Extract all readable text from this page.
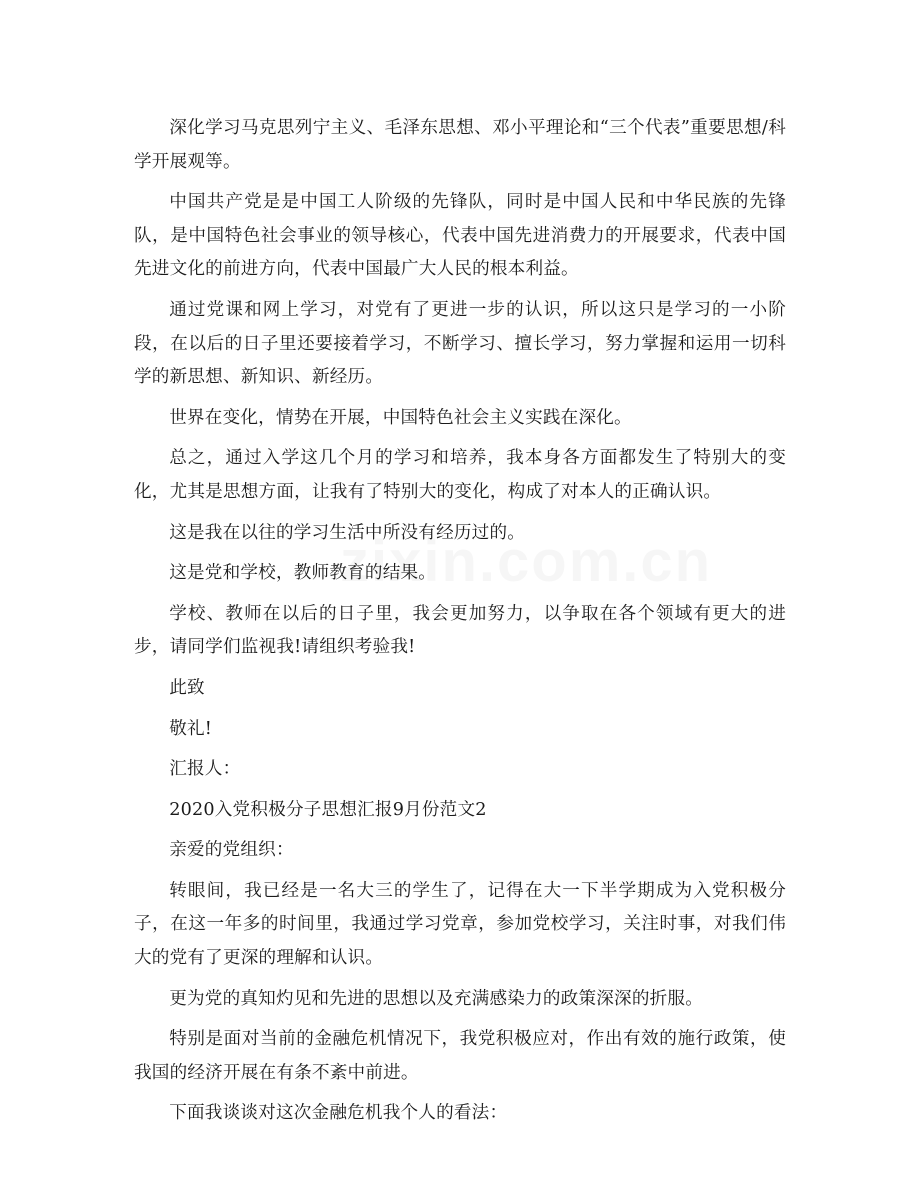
深化学习马克思列宁主义、毛泽东思想、邓小平理论和“三个代表”重要思想/科学开展观等。

中国共产党是是中国工人阶级的先锋队，同时是中国人民和中华民族的先锋队，是中国特色社会事业的领导核心，代表中国先进消费力的开展要求，代表中国先进文化的前进方向，代表中国最广大人民的根本利益。

通过党课和网上学习，对党有了更进一步的认识，所以这只是学习的一小阶段，在以后的日子里还要接着学习，不断学习、擅长学习，努力掌握和运用一切科学的新思想、新知识、新经历。

世界在变化，情势在开展，中国特色社会主义实践在深化。

总之，通过入学这几个月的学习和培养，我本身各方面都发生了特别大的变化，尤其是思想方面，让我有了特别大的变化，构成了对本人的正确认识。

这是我在以往的学习生活中所没有经历过的。

这是党和学校，教师教育的结果。

学校、教师在以后的日子里，我会更加努力，以争取在各个领域有更大的进步，请同学们监视我!请组织考验我!

此致

敬礼!

汇报人：

2020入党积极分子思想汇报9月份范文2

亲爱的党组织：

转眼间，我已经是一名大三的学生了，记得在大一下半学期成为入党积极分子，在这一年多的时间里，我通过学习党章，参加党校学习，关注时事，对我们伟大的党有了更深的理解和认识。

更为党的真知灼见和先进的思想以及充满感染力的政策深深的折服。

特别是面对当前的金融危机情况下，我党积极应对，作出有效的施行政策，使我国的经济开展在有条不紊中前进。

下面我谈谈对这次金融危机我个人的看法：
